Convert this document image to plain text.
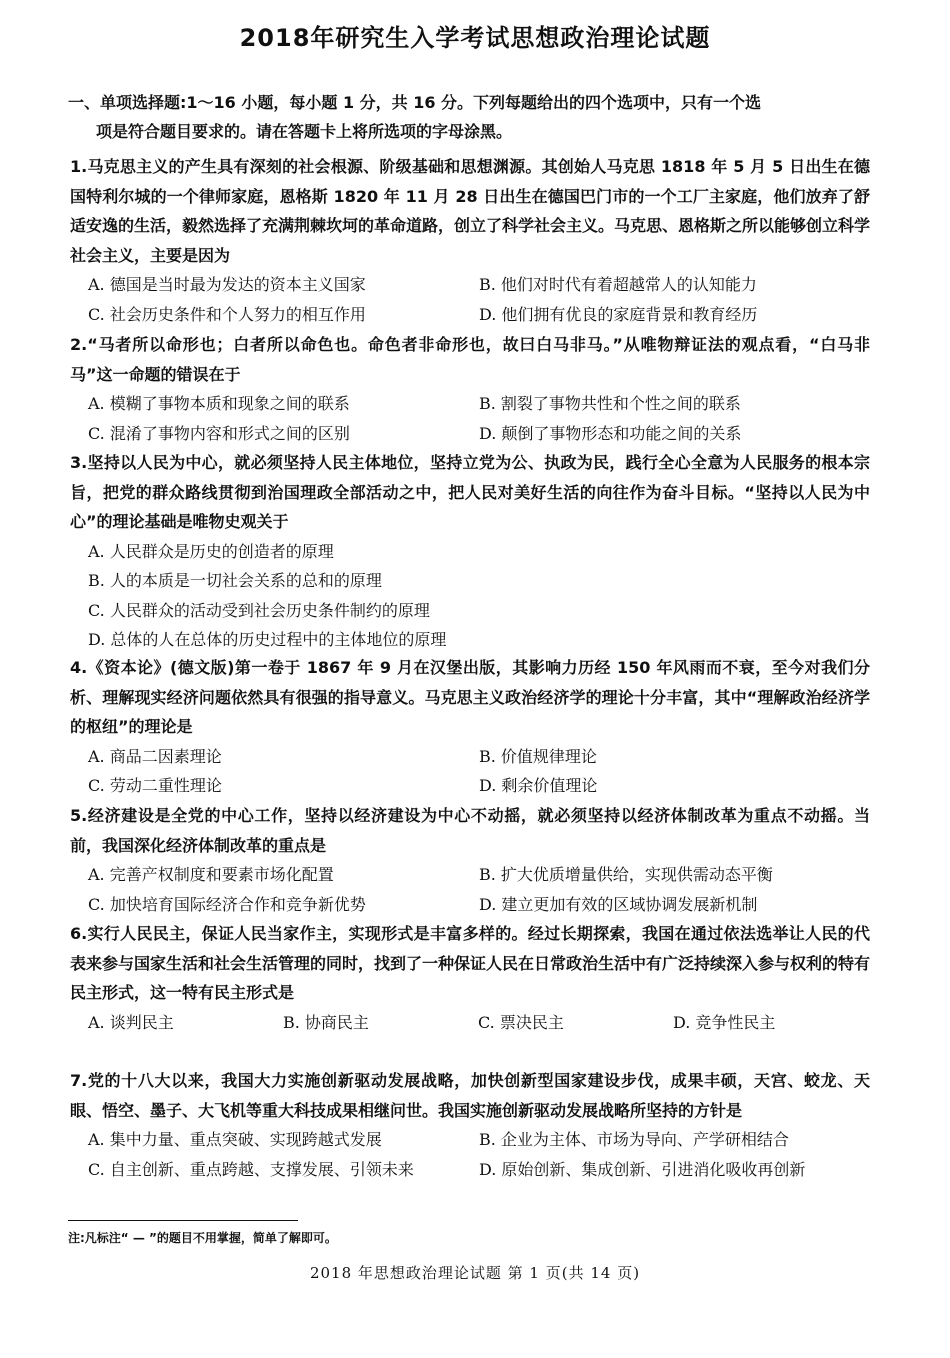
2018年研究生入学考试思想政治理论试题
一、单项选择题:1～16 小题，每小题 1 分，共 16 分。下列每题给出的四个选项中，只有一个选
项是符合题目要求的。请在答题卡上将所选项的字母涂黑。
1.马克思主义的产生具有深刻的社会根源、阶级基础和思想渊源。其创始人马克思 1818 年 5 月 5 日出生在德国特利尔城的一个律师家庭，恩格斯 1820 年 11 月 28 日出生在德国巴门市的一个工厂主家庭，他们放弃了舒适安逸的生活，毅然选择了充满荆棘坎坷的革命道路，创立了科学社会主义。马克思、恩格斯之所以能够创立科学社会主义，主要是因为
A. 德国是当时最为发达的资本主义国家	B. 他们对时代有着超越常人的认知能力
C. 社会历史条件和个人努力的相互作用	D. 他们拥有优良的家庭背景和教育经历
2.“马者所以命形也；白者所以命色也。命色者非命形也，故曰白马非马。”从唯物辩证法的观点看，“白马非马”这一命题的错误在于
A. 模糊了事物本质和现象之间的联系	B. 割裂了事物共性和个性之间的联系
C. 混淆了事物内容和形式之间的区别	D. 颠倒了事物形态和功能之间的关系
3.坚持以人民为中心，就必须坚持人民主体地位，坚持立党为公、执政为民，践行全心全意为人民服务的根本宗旨，把党的群众路线贯彻到治国理政全部活动之中，把人民对美好生活的向往作为奋斗目标。“坚持以人民为中心”的理论基础是唯物史观关于
A. 人民群众是历史的创造者的原理
B. 人的本质是一切社会关系的总和的原理
C. 人民群众的活动受到社会历史条件制约的原理
D. 总体的人在总体的历史过程中的主体地位的原理
4.《资本论》(德文版)第一卷于 1867 年 9 月在汉堡出版，其影响力历经 150 年风雨而不衰，至今对我们分析、理解现实经济问题依然具有很强的指导意义。马克思主义政治经济学的理论十分丰富，其中“理解政治经济学的枢纽”的理论是
A. 商品二因素理论	B. 价值规律理论
C. 劳动二重性理论	D. 剩余价值理论
5.经济建设是全党的中心工作，坚持以经济建设为中心不动摇，就必须坚持以经济体制改革为重点不动摇。当前，我国深化经济体制改革的重点是
A. 完善产权制度和要素市场化配置	B. 扩大优质增量供给，实现供需动态平衡
C. 加快培育国际经济合作和竞争新优势	D. 建立更加有效的区域协调发展新机制
6.实行人民民主，保证人民当家作主，实现形式是丰富多样的。经过长期探索，我国在通过依法选举让人民的代表来参与国家生活和社会生活管理的同时，找到了一种保证人民在日常政治生活中有广泛持续深入参与权利的特有民主形式，这一特有民主形式是
A. 谈判民主	B. 协商民主	C. 票决民主	D. 竞争性民主
7.党的十八大以来，我国大力实施创新驱动发展战略，加快创新型国家建设步伐，成果丰硕，天宫、蛟龙、天眼、悟空、墨子、大飞机等重大科技成果相继问世。我国实施创新驱动发展战略所坚持的方针是
A. 集中力量、重点突破、实现跨越式发展	B. 企业为主体、市场为导向、产学研相结合
C. 自主创新、重点跨越、支撑发展、引领未来	D. 原始创新、集成创新、引进消化吸收再创新
注:凡标注“ — ”的题目不用掌握，简单了解即可。
2018 年思想政治理论试题 第 1 页(共 14 页)
